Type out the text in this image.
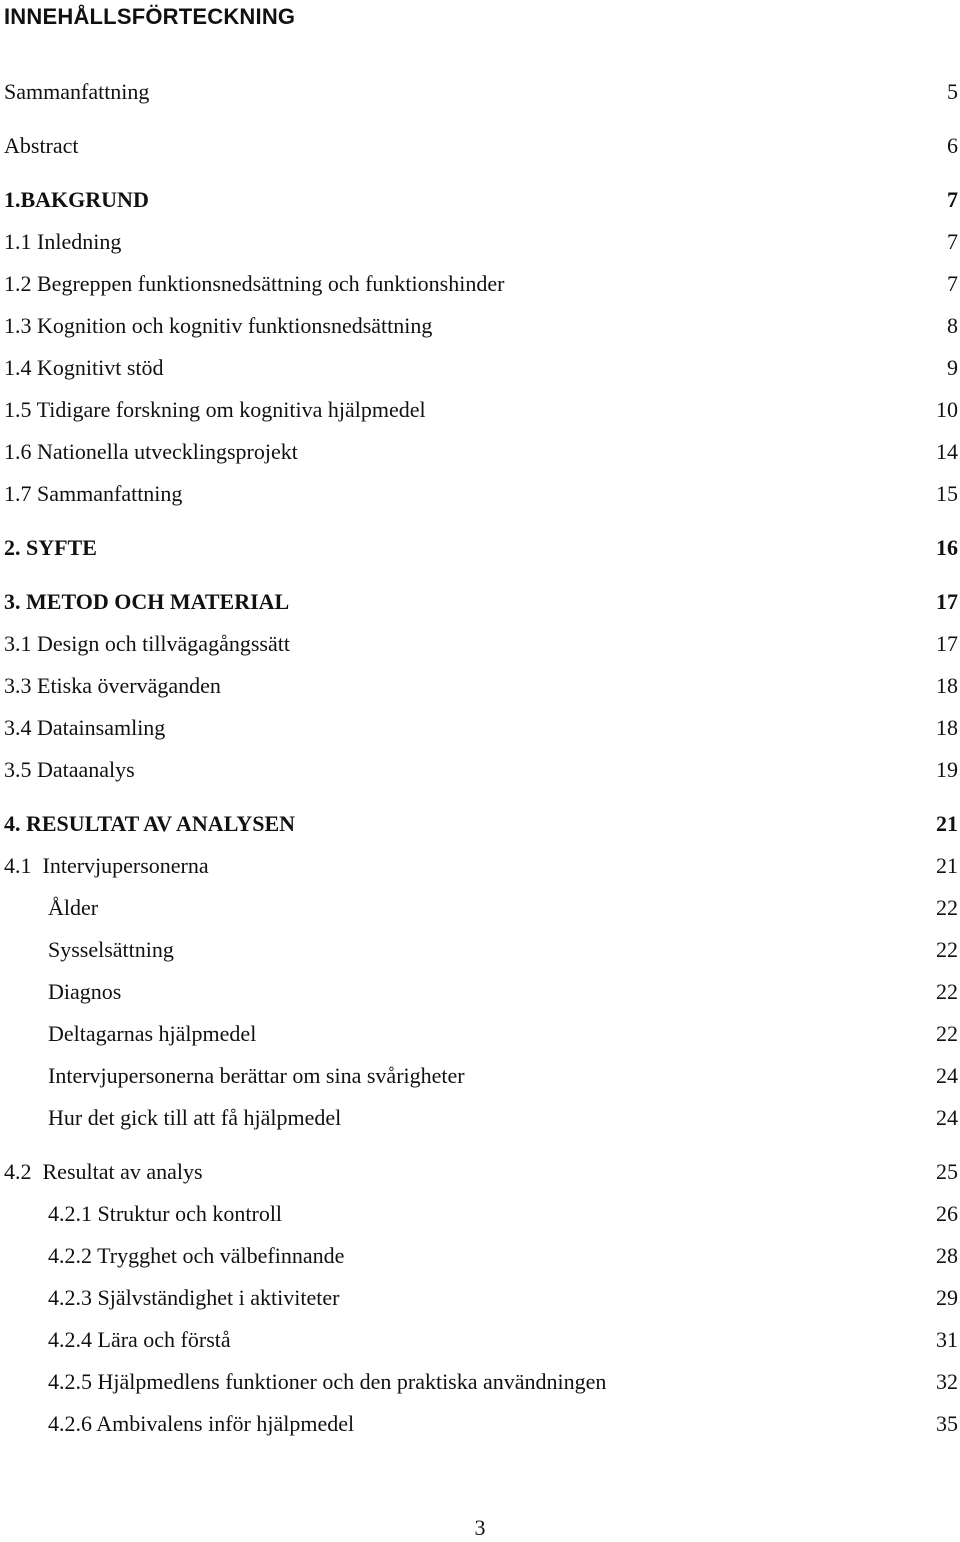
INNEHÅLLSFÖRTECKNING
Sammanfattning	5
Abstract	6
1.BAKGRUND	7
1.1 Inledning	7
1.2 Begreppen funktionsnedsättning och funktionshinder	7
1.3 Kognition och kognitiv funktionsnedsättning	8
1.4 Kognitivt stöd	9
1.5 Tidigare forskning om kognitiva hjälpmedel	10
1.6 Nationella utvecklingsprojekt	14
1.7 Sammanfattning	15
2. SYFTE	16
3. METOD OCH MATERIAL	17
3.1 Design och tillvägagångssätt	17
3.3 Etiska överväganden	18
3.4 Datainsamling	18
3.5 Dataanalys	19
4. RESULTAT AV ANALYSEN	21
4.1  Intervjupersonerna	21
Ålder	22
Sysselsättning	22
Diagnos	22
Deltagarnas hjälpmedel	22
Intervjupersonerna berättar om sina svårigheter	24
Hur det gick till att få hjälpmedel	24
4.2  Resultat av analys	25
4.2.1 Struktur och kontroll	26
4.2.2 Trygghet och välbefinnande	28
4.2.3 Självständighet i aktiviteter	29
4.2.4 Lära och förstå	31
4.2.5 Hjälpmedlens funktioner och den praktiska användningen	32
4.2.6 Ambivalens inför hjälpmedel	35
3
